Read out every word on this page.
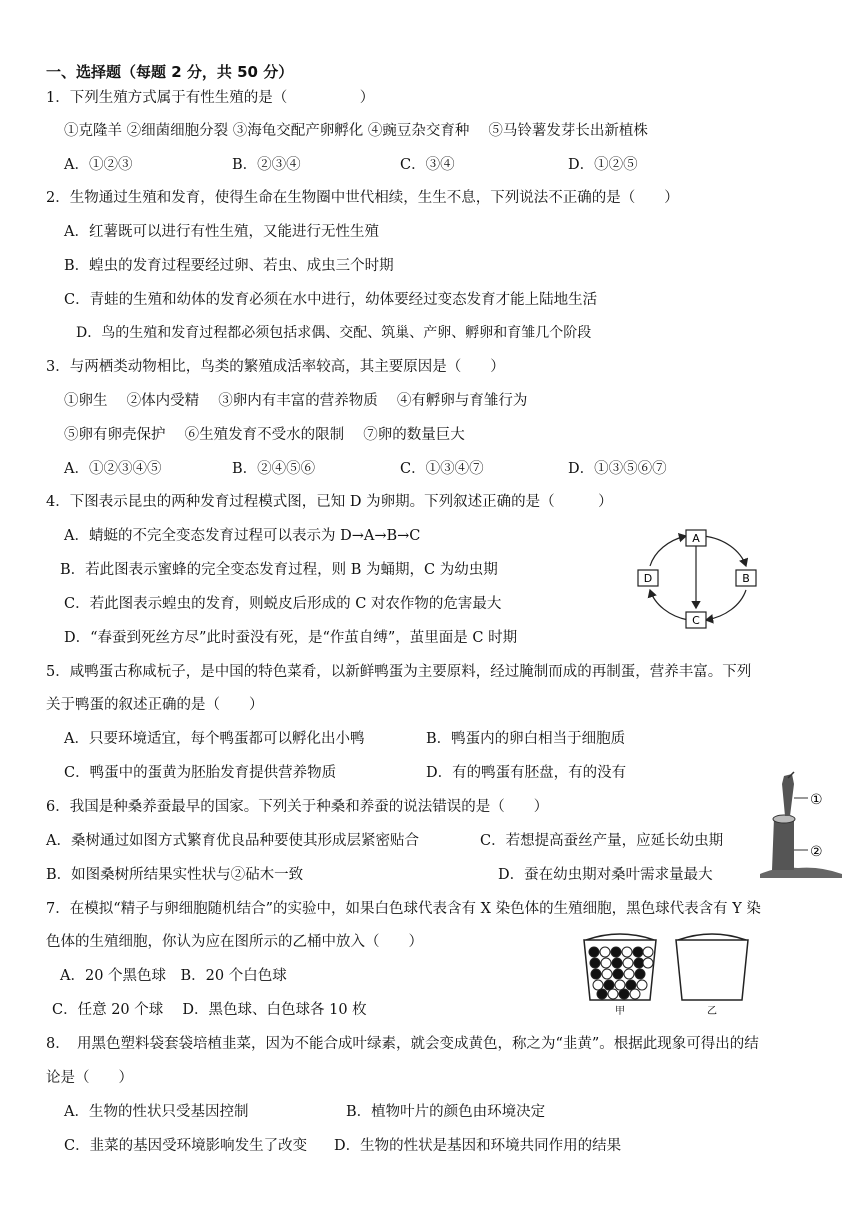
一、选择题（每题 2 分，共 50 分）
1．下列生殖方式属于有性生殖的是（　　　　　）
①克隆羊 ②细菌细胞分裂 ③海龟交配产卵孵化 ④豌豆杂交育种　 ⑤马铃薯发芽长出新植株
A．①②③	B．②③④	C．③④	D．①②⑤
2．生物通过生殖和发育，使得生命在生物圈中世代相续，生生不息，下列说法不正确的是（　　）
A．红薯既可以进行有性生殖，又能进行无性生殖
B．蝗虫的发育过程要经过卵、若虫、成虫三个时期
C．青蛙的生殖和幼体的发育必须在水中进行，幼体要经过变态发育才能上陆地生活
D．鸟的生殖和发育过程都必须包括求偶、交配、筑巢、产卵、孵卵和育雏几个阶段
3．与两栖类动物相比，鸟类的繁殖成活率较高，其主要原因是（　　）
①卵生　 ②体内受精　 ③卵内有丰富的营养物质　 ④有孵卵与育雏行为
⑤卵有卵壳保护　 ⑥生殖发育不受水的限制　 ⑦卵的数量巨大
A．①②③④⑤	B．②④⑤⑥	C．①③④⑦	D．①③⑤⑥⑦
4．下图表示昆虫的两种发育过程模式图，已知 D 为卵期。下列叙述正确的是（　　　）
A．蜻蜓的不完全变态发育过程可以表示为 D→A→B→C
B．若此图表示蜜蜂的完全变态发育过程，则 B 为蛹期，C 为幼虫期
C．若此图表示蝗虫的发育，则蜕皮后形成的 C 对农作物的危害最大
D．“春蚕到死丝方尽”此时蚕没有死，是“作茧自缚”，茧里面是 C 时期
A
B
C
D
5．咸鸭蛋古称咸杬子，是中国的特色菜肴，以新鲜鸭蛋为主要原料，经过腌制而成的再制蛋，营养丰富。下列
关于鸭蛋的叙述正确的是（　　）
A．只要环境适宜，每个鸭蛋都可以孵化出小鸭	B．鸭蛋内的卵白相当于细胞质
C．鸭蛋中的蛋黄为胚胎发育提供营养物质	D．有的鸭蛋有胚盘，有的没有
6．我国是种桑养蚕最早的国家。下列关于种桑和养蚕的说法错误的是（　　）
A．桑树通过如图方式繁育优良品种要使其形成层紧密贴合	C．若想提高蚕丝产量，应延长幼虫期
B．如图桑树所结果实性状与②砧木一致	D．蚕在幼虫期对桑叶需求量最大
①
②
7．在模拟“精子与卵细胞随机结合”的实验中，如果白色球代表含有 X 染色体的生殖细胞，黑色球代表含有 Y 染
色体的生殖细胞，你认为应在图所示的乙桶中放入（　　）
A．20 个黑色球　B．20 个白色球
C．任意 20 个球　 D．黑色球、白色球各 10 枚	甲	乙
8．　用黑色塑料袋套袋培植韭菜，因为不能合成叶绿素，就会变成黄色，称之为“韭黄”。根据此现象可得出的结
论是（　　）
A．生物的性状只受基因控制	B．植物叶片的颜色由环境决定
C．韭菜的基因受环境影响发生了改变 D．生物的性状是基因和环境共同作用的结果
